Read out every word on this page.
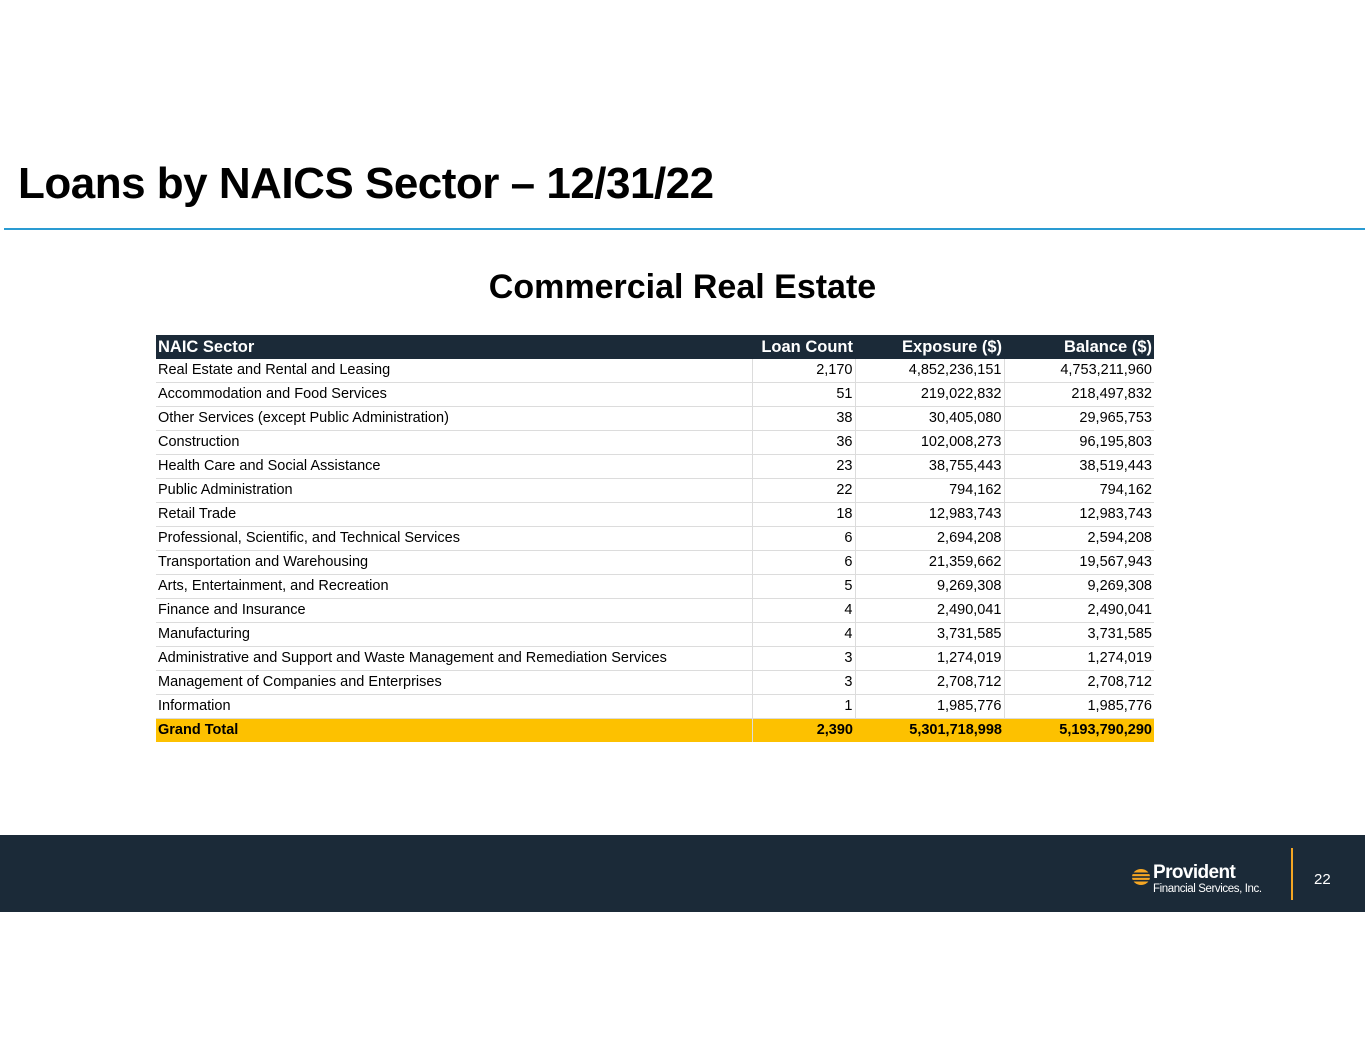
Loans by NAICS Sector – 12/31/22
Commercial Real Estate
NAIC Sector	Loan Count	Exposure ($)	Balance ($)
Real Estate and Rental and Leasing	2,170	4,852,236,151	4,753,211,960
Accommodation and Food Services	51	219,022,832	218,497,832
Other Services (except Public Administration)	38	30,405,080	29,965,753
Construction	36	102,008,273	96,195,803
Health Care and Social Assistance	23	38,755,443	38,519,443
Public Administration	22	794,162	794,162
Retail Trade	18	12,983,743	12,983,743
Professional, Scientific, and Technical Services	6	2,694,208	2,594,208
Transportation and Warehousing	6	21,359,662	19,567,943
Arts, Entertainment, and Recreation	5	9,269,308	9,269,308
Finance and Insurance	4	2,490,041	2,490,041
Manufacturing	4	3,731,585	3,731,585
Administrative and Support and Waste Management and Remediation Services	3	1,274,019	1,274,019
Management of Companies and Enterprises	3	2,708,712	2,708,712
Information	1	1,985,776	1,985,776
Grand Total	2,390	5,301,718,998	5,193,790,290
Provident
Financial Services, Inc.
22
